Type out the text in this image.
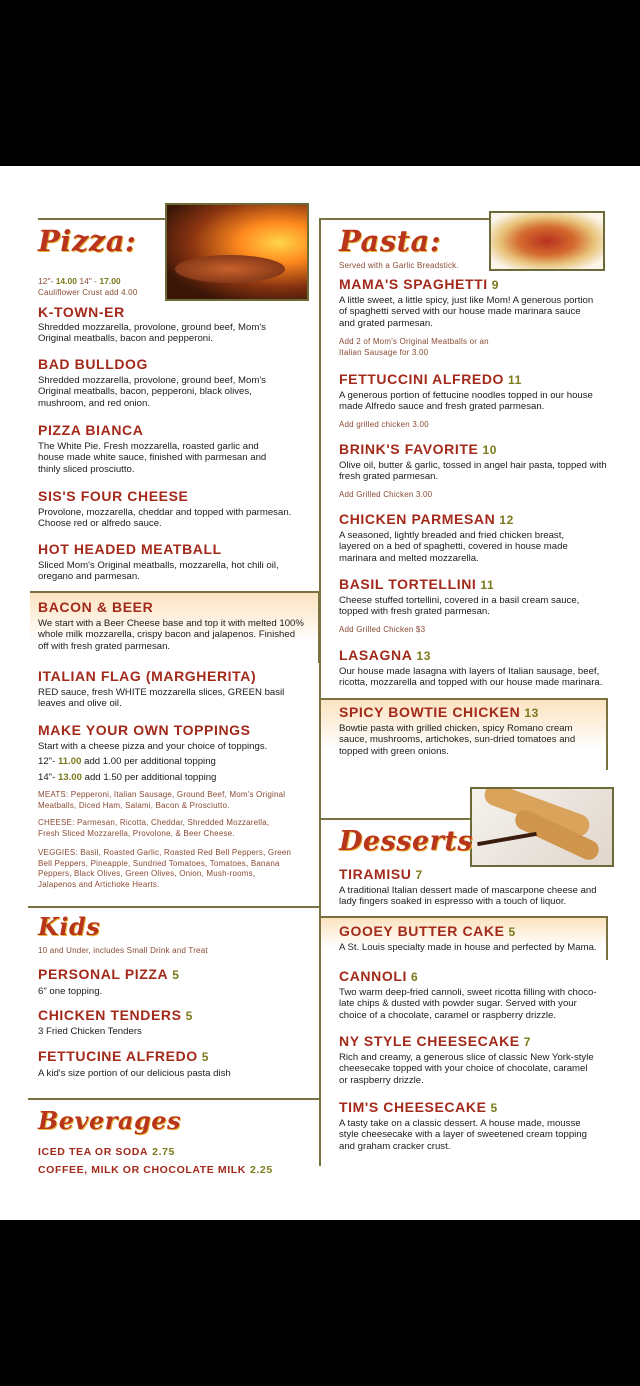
Pizza:
12"- 14.00 14" - 17.00
Cauliflower Crust add 4.00
K-TOWN-ER
Shredded mozzarella, provolone, ground beef, Mom's Original meatballs, bacon and pepperoni.
BAD BULLDOG
Shredded mozzarella, provolone, ground beef, Mom's Original meatballs, bacon, pepperoni, black olives, mushroom, and red onion.
PIZZA BIANCA
The White Pie. Fresh mozzarella, roasted garlic and house made white sauce, finished with parmesan and thinly sliced prosciutto.
SIS'S FOUR CHEESE
Provolone, mozzarella, cheddar and topped with parmesan. Choose red or alfredo sauce.
HOT HEADED MEATBALL
Sliced Mom's Original meatballs, mozzarella, hot chili oil, oregano and parmesan.
BACON & BEER
We start with a Beer Cheese base and top it with melted 100% whole milk mozzarella, crispy bacon and jalapenos. Finished off with fresh grated parmesan.
ITALIAN FLAG (MARGHERITA)
RED sauce, fresh WHITE mozzarella slices, GREEN basil leaves and olive oil.
MAKE YOUR OWN TOPPINGS
Start with a cheese pizza and your choice of toppings.
12"- 11.00 add 1.00 per additional topping
14"- 13.00 add 1.50 per additional topping
MEATS: Pepperoni, Italian Sausage, Ground Beef, Mom's Original Meatballs, Diced Ham, Salami, Bacon & Prosciutto.
CHEESE: Parmesan, Ricotta, Cheddar, Shredded Mozzarella, Fresh Sliced Mozzarella, Provolone, & Beer Cheese.
VEGGIES: Basil, Roasted Garlic, Roasted Red Bell Peppers, Green Bell Peppers, Pineapple, Sundried Tomatoes, Tomatoes, Banana Peppers, Black Olives, Green Olives, Onion, Mush-rooms, Jalapenos and Artichoke Hearts.
Kids
10 and Under, includes Small Drink and Treat
PERSONAL PIZZA 5
6" one topping.
CHICKEN TENDERS 5
3 Fried Chicken Tenders
FETTUCINE ALFREDO 5
A kid's size portion of our delicious pasta dish
Beverages
ICED TEA OR SODA 2.75
COFFEE, MILK OR CHOCOLATE MILK 2.25
Pasta:
Served with a Garlic Breadstick.
MAMA'S SPAGHETTI 9
A little sweet, a little spicy, just like Mom! A generous portion of spaghetti served with our house made marinara sauce and grated parmesan.
Add 2 of Mom's Original Meatballs or an Italian Sausage for 3.00
FETTUCCINI ALFREDO 11
A generous portion of fettucine noodles topped in our house made Alfredo sauce and fresh grated parmesan.
Add grilled chicken 3.00
BRINK'S FAVORITE 10
Olive oil, butter & garlic, tossed in angel hair pasta, topped with fresh grated parmesan.
Add Grilled Chicken 3.00
CHICKEN PARMESAN 12
A seasoned, lightly breaded and fried chicken breast, layered on a bed of spaghetti, covered in house made marinara and melted mozzarella.
BASIL TORTELLINI 11
Cheese stuffed tortellini, covered in a basil cream sauce, topped with fresh grated parmesan.
Add Grilled Chicken $3
LASAGNA 13
Our house made lasagna with layers of Italian sausage, beef, ricotta, mozzarella and topped with our house made marinara.
SPICY BOWTIE CHICKEN 13
Bowtie pasta with grilled chicken, spicy Romano cream sauce, mushrooms, artichokes, sun-dried tomatoes and topped with green onions.
Desserts
TIRAMISU 7
A traditional Italian dessert made of mascarpone cheese and lady fingers soaked in espresso with a touch of liquor.
GOOEY BUTTER CAKE 5
A St. Louis specialty made in house and perfected by Mama.
CANNOLI 6
Two warm deep-fried cannoli, sweet ricotta filling with choco-late chips & dusted with powder sugar. Served with your choice of a chocolate, caramel or raspberry drizzle.
NY STYLE CHEESECAKE 7
Rich and creamy, a generous slice of classic New York-style cheesecake topped with your choice of chocolate, caramel or raspberry drizzle.
TIM'S CHEESECAKE 5
A tasty take on a classic dessert. A house made, mousse style cheesecake with a layer of sweetened cream topping and graham cracker crust.
